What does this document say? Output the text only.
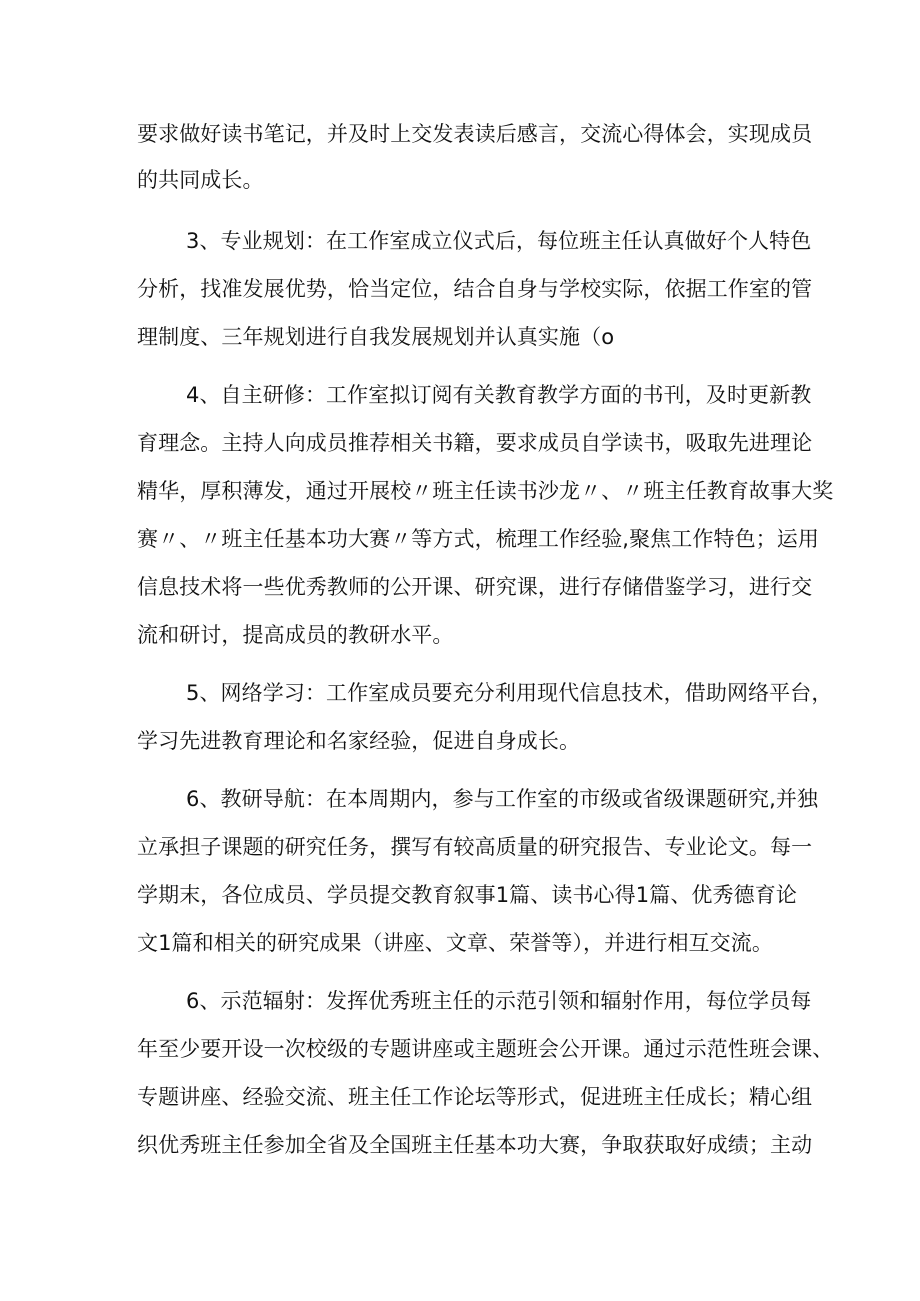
要求做好读书笔记，并及时上交发表读后感言，交流心得体会，实现成员
的共同成长。
3、专业规划：在工作室成立仪式后，每位班主任认真做好个人特色
分析，找准发展优势，恰当定位，结合自身与学校实际，依据工作室的管
理制度、三年规划进行自我发展规划并认真实施（o
4、自主研修：工作室拟订阅有关教育教学方面的书刊，及时更新教
育理念。主持人向成员推荐相关书籍，要求成员自学读书，吸取先进理论
精华，厚积薄发，通过开展校〃班主任读书沙龙〃、〃班主任教育故事大奖
赛〃、〃班主任基本功大赛〃等方式，梳理工作经验,聚焦工作特色；运用
信息技术将一些优秀教师的公开课、研究课，进行存储借鉴学习，进行交
流和研讨，提高成员的教研水平。
5、网络学习：工作室成员要充分利用现代信息技术，借助网络平台，
学习先进教育理论和名家经验，促进自身成长。
6、教研导航：在本周期内，参与工作室的市级或省级课题研究,并独
立承担子课题的研究任务，撰写有较高质量的研究报告、专业论文。每一
学期末，各位成员、学员提交教育叙事1篇、读书心得1篇、优秀德育论
文1篇和相关的研究成果（讲座、文章、荣誉等），并进行相互交流。
6、示范辐射：发挥优秀班主任的示范引领和辐射作用，每位学员每
年至少要开设一次校级的专题讲座或主题班会公开课。通过示范性班会课、
专题讲座、经验交流、班主任工作论坛等形式，促进班主任成长；精心组
织优秀班主任参加全省及全国班主任基本功大赛，争取获取好成绩；主动
